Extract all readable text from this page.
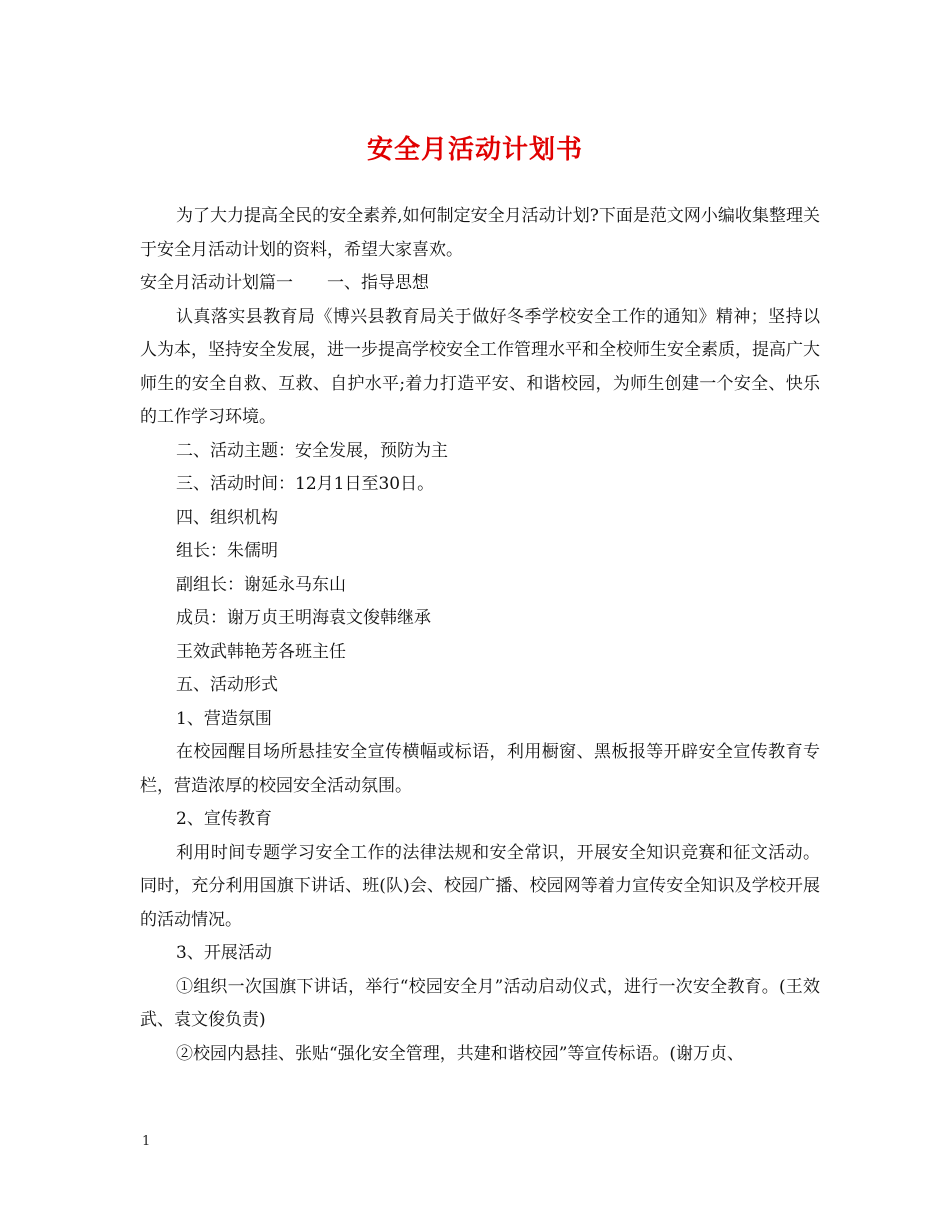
安全月活动计划书

为了大力提高全民的安全素养,如何制定安全月活动计划?下面是范文网小编收集整理关于安全月活动计划的资料，希望大家喜欢。

安全月活动计划篇一　　一、指导思想

认真落实县教育局《博兴县教育局关于做好冬季学校安全工作的通知》精神；坚持以人为本，坚持安全发展，进一步提高学校安全工作管理水平和全校师生安全素质，提高广大师生的安全自救、互救、自护水平;着力打造平安、和谐校园，为师生创建一个安全、快乐的工作学习环境。

二、活动主题：安全发展，预防为主

三、活动时间：12月1日至30日。

四、组织机构

组长：朱儒明

副组长：谢延永马东山

成员：谢万贞王明海袁文俊韩继承

王效武韩艳芳各班主任

五、活动形式

1、营造氛围

在校园醒目场所悬挂安全宣传横幅或标语，利用橱窗、黑板报等开辟安全宣传教育专栏，营造浓厚的校园安全活动氛围。

2、宣传教育

利用时间专题学习安全工作的法律法规和安全常识，开展安全知识竞赛和征文活动。同时，充分利用国旗下讲话、班(队)会、校园广播、校园网等着力宣传安全知识及学校开展的活动情况。

3、开展活动

①组织一次国旗下讲话，举行“校园安全月”活动启动仪式，进行一次安全教育。(王效武、袁文俊负责)

②校园内悬挂、张贴“强化安全管理，共建和谐校园”等宣传标语。(谢万贞、

1
